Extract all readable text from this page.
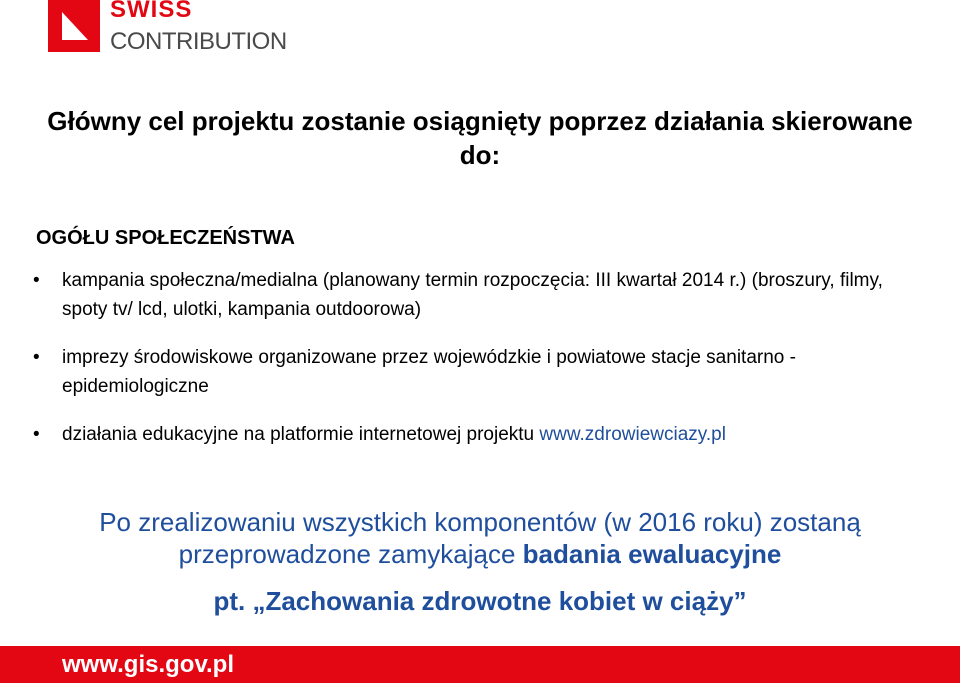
SWISS
CONTRIBUTION
Główny cel projektu zostanie osiągnięty poprzez działania skierowane do:
OGÓŁU SPOŁECZEŃSTWA
• kampania społeczna/medialna (planowany termin rozpoczęcia: III kwartał 2014 r.) (broszury, filmy, spoty tv/ lcd, ulotki, kampania outdoorowa)
• imprezy środowiskowe organizowane przez wojewódzkie i powiatowe stacje sanitarno - epidemiologiczne
• działania edukacyjne na platformie internetowej projektu www.zdrowiewciazy.pl
Po zrealizowaniu wszystkich komponentów (w 2016 roku) zostaną przeprowadzone zamykające badania ewaluacyjne
pt. „Zachowania zdrowotne kobiet w ciąży”
www.gis.gov.pl
